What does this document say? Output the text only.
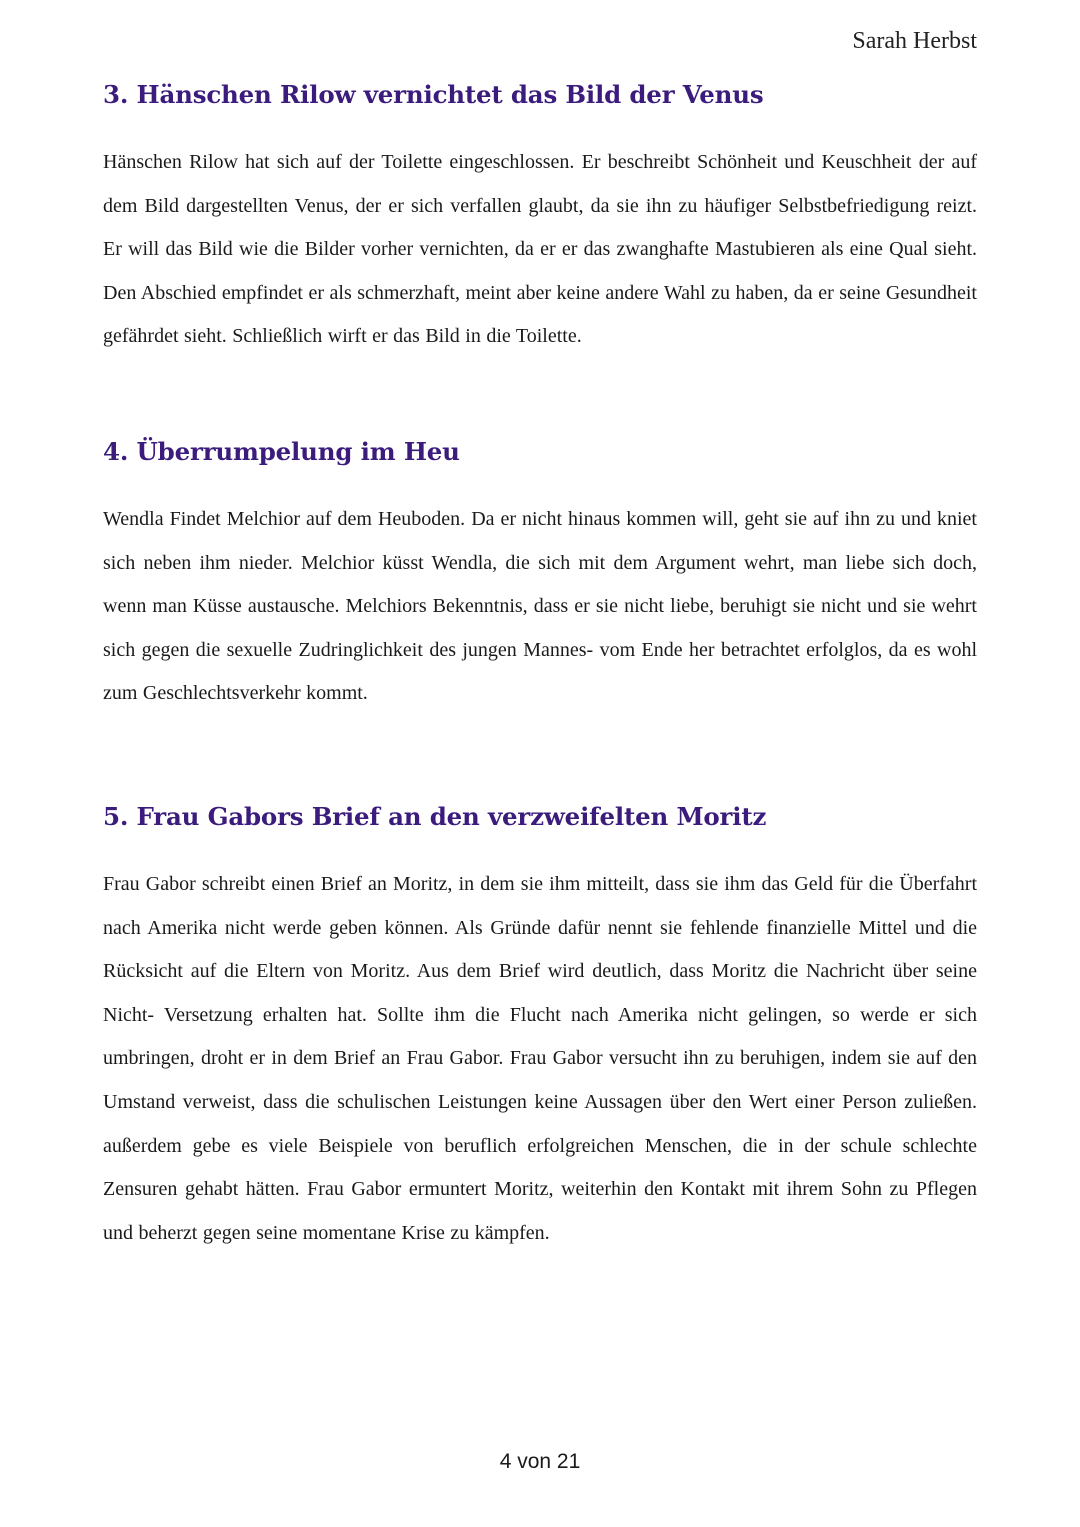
Sarah Herbst
3. Hänschen Rilow vernichtet das Bild der Venus

Hänschen Rilow hat sich auf der Toilette eingeschlossen. Er beschreibt Schönheit und Keuschheit der auf dem Bild dargestellten Venus, der er sich verfallen glaubt, da sie ihn zu häufiger Selbstbefriedigung reizt. Er will das Bild wie die Bilder vorher vernichten, da er er das zwanghafte Mastubieren als eine Qual sieht. Den Abschied empfindet er als schmerzhaft, meint aber keine andere Wahl zu haben, da er seine Gesundheit gefährdet sieht. Schließlich wirft er das Bild in die Toilette.

4. Überrumpelung im Heu

Wendla Findet Melchior auf dem Heuboden. Da er nicht hinaus kommen will, geht sie auf ihn zu und kniet sich neben ihm nieder. Melchior küsst Wendla, die sich mit dem Argument wehrt, man liebe sich doch, wenn man Küsse austausche. Melchiors Bekenntnis, dass er sie nicht liebe, beruhigt sie nicht und sie wehrt sich gegen die sexuelle Zudringlichkeit des jungen Mannes- vom Ende her betrachtet erfolglos, da es wohl zum Geschlechtsverkehr kommt.

5. Frau Gabors Brief an den verzweifelten Moritz

Frau Gabor schreibt einen Brief an Moritz, in dem sie ihm mitteilt, dass sie ihm das Geld für die Überfahrt nach Amerika nicht werde geben können. Als Gründe dafür nennt sie fehlende finanzielle Mittel und die Rücksicht auf die Eltern von Moritz. Aus dem Brief wird deutlich, dass Moritz die Nachricht über seine Nicht- Versetzung erhalten hat. Sollte ihm die Flucht nach Amerika nicht gelingen, so werde er sich umbringen, droht er in dem Brief an Frau Gabor. Frau Gabor versucht ihn zu beruhigen, indem sie auf den Umstand verweist, dass die schulischen Leistungen keine Aussagen über den Wert einer Person zuließen. außerdem gebe es viele Beispiele von beruflich erfolgreichen Menschen, die in der schule schlechte Zensuren gehabt hätten. Frau Gabor ermuntert Moritz, weiterhin den Kontakt mit ihrem Sohn zu Pflegen und beherzt gegen seine momentane Krise zu kämpfen.

4 von 21
